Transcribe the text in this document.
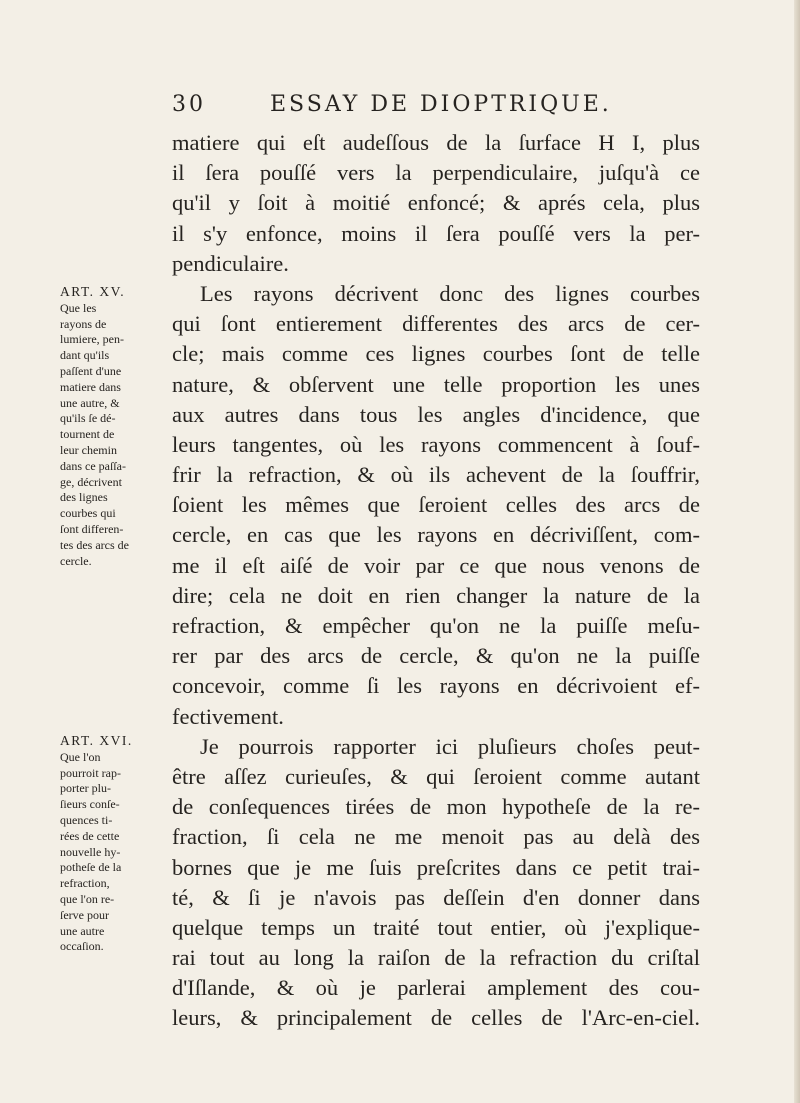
30	ESSAY DE DIOPTRIQUE.
ART. XV.
Que les
rayons de
lumiere, pen-
dant qu'ils
paſſent d'une
matiere dans
une autre, &
qu'ils ſe dé-
tournent de
leur chemin
dans ce paſſa-
ge, décrivent
des lignes
courbes qui
ſont differen-
tes des arcs de
cercle.
ART. XVI.
Que l'on
pourroit rap-
porter plu-
ſieurs conſe-
quences ti-
rées de cette
nouvelle hy-
potheſe de la
refraction,
que l'on re-
ſerve pour
une autre
occaſion.
matiere qui eſt audeſſous de la ſurface H I, plus
il ſera pouſſé vers la perpendiculaire, juſqu'à ce
qu'il y ſoit à moitié enfoncé; & aprés cela, plus
il s'y enfonce, moins il ſera pouſſé vers la per-
pendiculaire.
Les rayons décrivent donc des lignes courbes
qui ſont entierement differentes des arcs de cer-
cle; mais comme ces lignes courbes ſont de telle
nature, & obſervent une telle proportion les unes
aux autres dans tous les angles d'incidence, que
leurs tangentes, où les rayons commencent à ſouf-
frir la refraction, & où ils achevent de la ſouffrir,
ſoient les mêmes que ſeroient celles des arcs de
cercle, en cas que les rayons en décriviſſent, com-
me il eſt aiſé de voir par ce que nous venons de
dire; cela ne doit en rien changer la nature de la
refraction, & empêcher qu'on ne la puiſſe meſu-
rer par des arcs de cercle, & qu'on ne la puiſſe
concevoir, comme ſi les rayons en décrivoient ef-
fectivement.
Je pourrois rapporter ici pluſieurs choſes peut-
être aſſez curieuſes, & qui ſeroient comme autant
de conſequences tirées de mon hypotheſe de la re-
fraction, ſi cela ne me menoit pas au delà des
bornes que je me ſuis preſcrites dans ce petit trai-
té, & ſi je n'avois pas deſſein d'en donner dans
quelque temps un traité tout entier, où j'explique-
rai tout au long la raiſon de la refraction du criſtal
d'Iſlande, & où je parlerai amplement des cou-
leurs, & principalement de celles de l'Arc-en-ciel.
